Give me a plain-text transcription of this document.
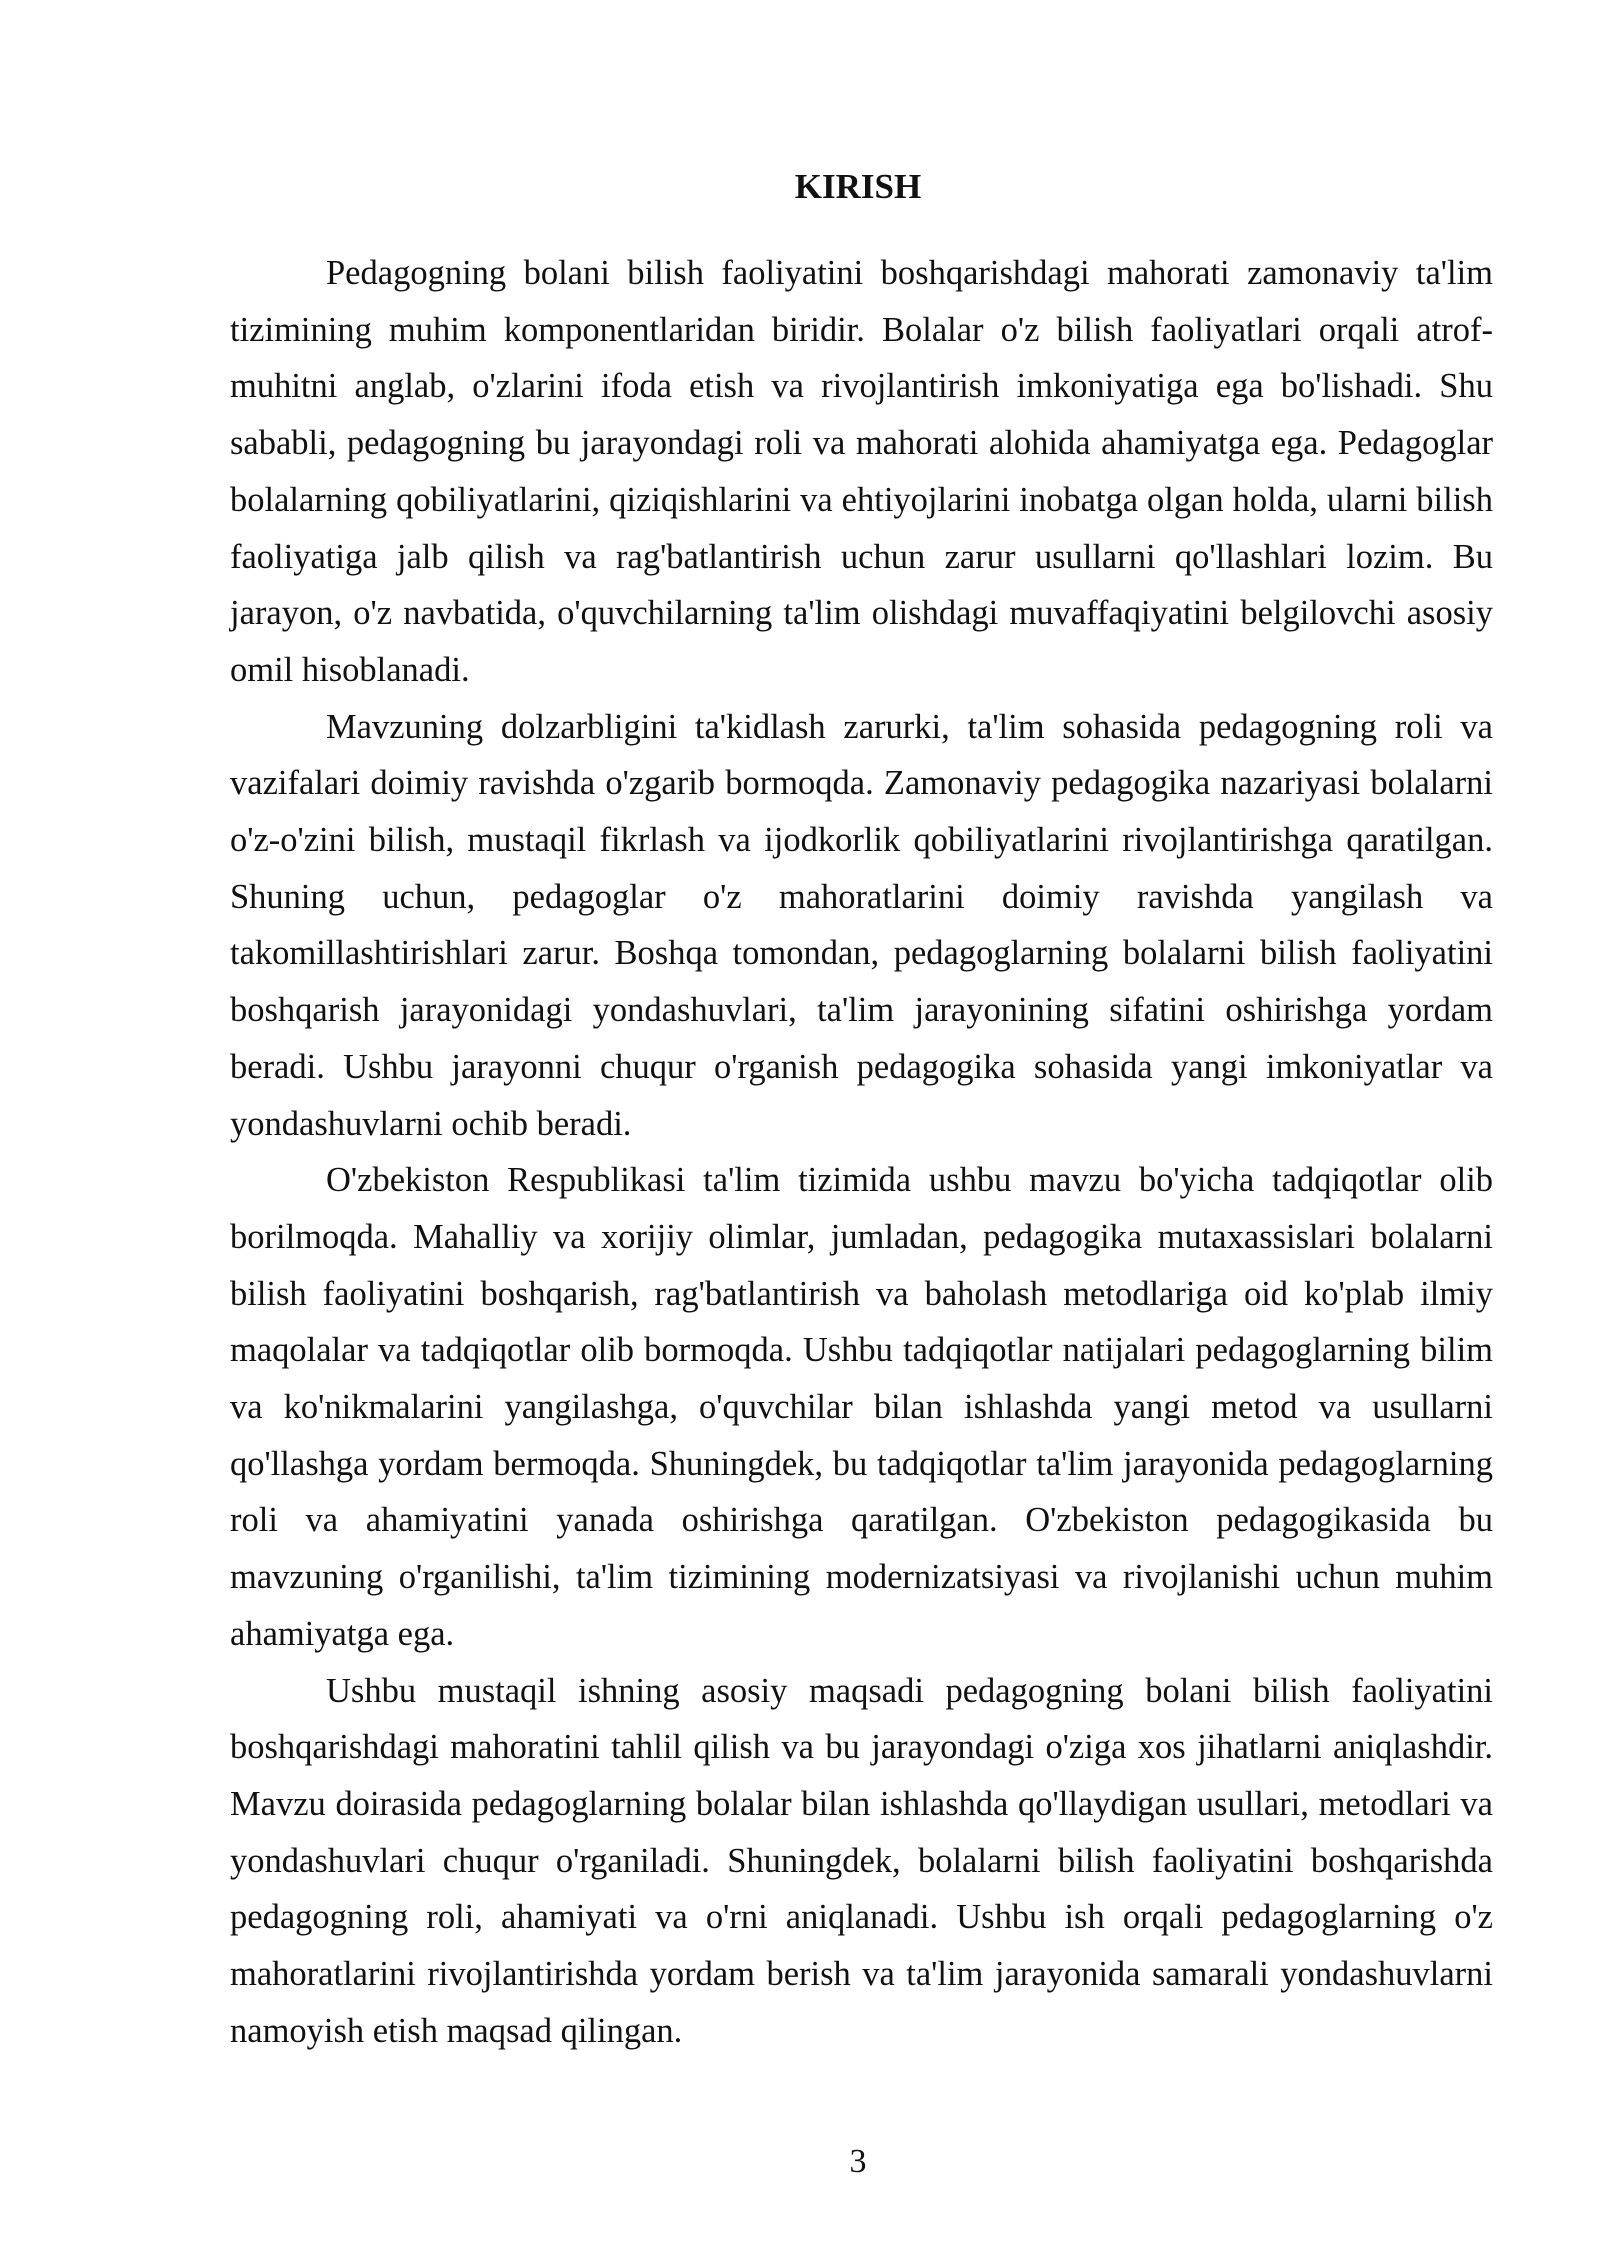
KIRISH

Pedagogning bolani bilish faoliyatini boshqarishdagi mahorati zamonaviy ta'lim tizimining muhim komponentlaridan biridir. Bolalar o'z bilish faoliyatlari orqali atrof-muhitni anglab, o'zlarini ifoda etish va rivojlantirish imkoniyatiga ega bo'lishadi. Shu sababli, pedagogning bu jarayondagi roli va mahorati alohida ahamiyatga ega. Pedagoglar bolalarning qobiliyatlarini, qiziqishlarini va ehtiyojlarini inobatga olgan holda, ularni bilish faoliyatiga jalb qilish va rag'batlantirish uchun zarur usullarni qo'llashlari lozim. Bu jarayon, o'z navbatida, o'quvchilarning ta'lim olishdagi muvaffaqiyatini belgilovchi asosiy omil hisoblanadi.

Mavzuning dolzarbligini ta'kidlash zarurki, ta'lim sohasida pedagogning roli va vazifalari doimiy ravishda o'zgarib bormoqda. Zamonaviy pedagogika nazariyasi bolalarni o'z-o'zini bilish, mustaqil fikrlash va ijodkorlik qobiliyatlarini rivojlantirishga qaratilgan. Shuning uchun, pedagoglar o'z mahoratlarini doimiy ravishda yangilash va takomillashtirishlari zarur. Boshqa tomondan, pedagoglarning bolalarni bilish faoliyatini boshqarish jarayonidagi yondashuvlari, ta'lim jarayonining sifatini oshirishga yordam beradi. Ushbu jarayonni chuqur o'rganish pedagogika sohasida yangi imkoniyatlar va yondashuvlarni ochib beradi.

O'zbekiston Respublikasi ta'lim tizimida ushbu mavzu bo'yicha tadqiqotlar olib borilmoqda. Mahalliy va xorijiy olimlar, jumladan, pedagogika mutaxassislari bolalarni bilish faoliyatini boshqarish, rag'batlantirish va baholash metodlariga oid ko'plab ilmiy maqolalar va tadqiqotlar olib bormoqda. Ushbu tadqiqotlar natijalari pedagoglarning bilim va ko'nikmalarini yangilashga, o'quvchilar bilan ishlashda yangi metod va usullarni qo'llashga yordam bermoqda. Shuningdek, bu tadqiqotlar ta'lim jarayonida pedagoglarning roli va ahamiyatini yanada oshirishga qaratilgan. O'zbekiston pedagogikasida bu mavzuning o'rganilishi, ta'lim tizimining modernizatsiyasi va rivojlanishi uchun muhim ahamiyatga ega.

Ushbu mustaqil ishning asosiy maqsadi pedagogning bolani bilish faoliyatini boshqarishdagi mahoratini tahlil qilish va bu jarayondagi o'ziga xos jihatlarni aniqlashdir. Mavzu doirasida pedagoglarning bolalar bilan ishlashda qo'llaydigan usullari, metodlari va yondashuvlari chuqur o'rganiladi. Shuningdek, bolalarni bilish faoliyatini boshqarishda pedagogning roli, ahamiyati va o'rni aniqlanadi. Ushbu ish orqali pedagoglarning o'z mahoratlarini rivojlantirishda yordam berish va ta'lim jarayonida samarali yondashuvlarni namoyish etish maqsad qilingan.

3
